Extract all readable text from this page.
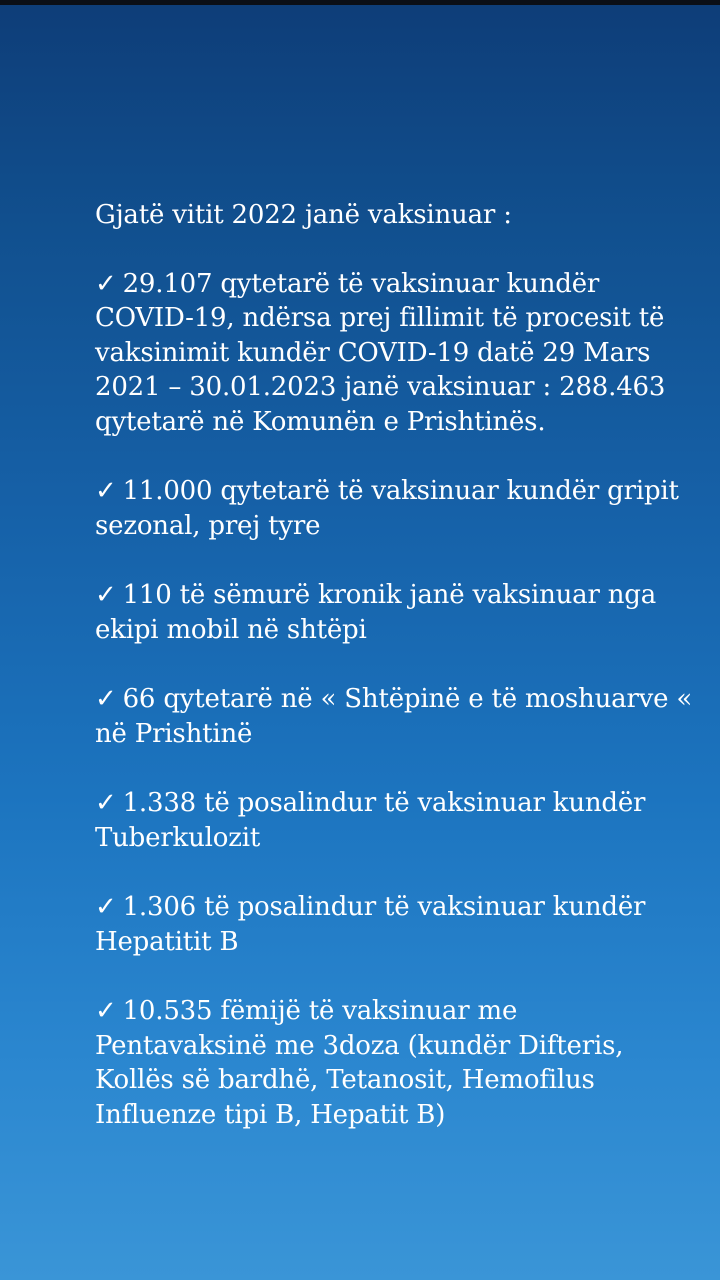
Gjatë vitit 2022 janë vaksinuar :
✓ 29.107 qytetarë të vaksinuar kundër COVID-19, ndërsa prej fillimit të procesit të vaksinimit kundër COVID-19 datë 29 Mars 2021 – 30.01.2023 janë vaksinuar : 288.463 qytetarë në Komunën e Prishtinës.
✓ 11.000 qytetarë të vaksinuar kundër gripit sezonal, prej tyre
✓ 110 të sëmurë kronik janë vaksinuar nga ekipi mobil në shtëpi
✓ 66 qytetarë në « Shtëpinë e të moshuarve « në Prishtinë
✓ 1.338 të posalindur të vaksinuar kundër Tuberkulozit
✓ 1.306 të posalindur të vaksinuar kundër Hepatitit B
✓ 10.535 fëmijë të vaksinuar me Pentavaksinë me 3doza (kundër Difteris, Kollës së bardhë, Tetanosit, Hemofilus Influenze tipi B, Hepatit B)
